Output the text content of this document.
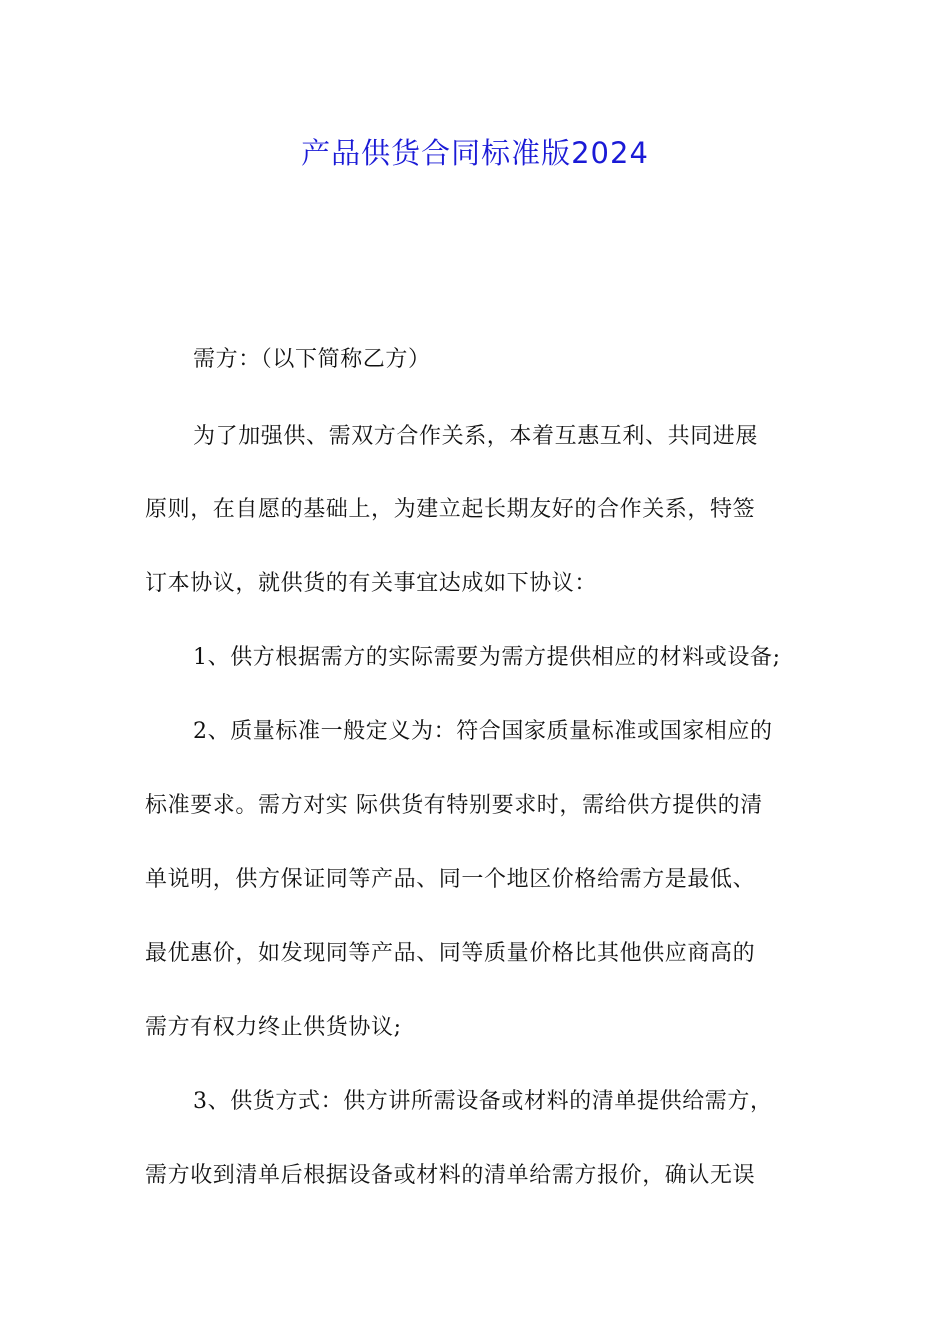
产品供货合同标准版2024
需方：（以下简称乙方）
为了加强供、需双方合作关系，本着互惠互利、共同进展
原则，在自愿的基础上，为建立起长期友好的合作关系，特签
订本协议，就供货的有关事宜达成如下协议：
1、供方根据需方的实际需要为需方提供相应的材料或设备;
2、质量标准一般定义为：符合国家质量标准或国家相应的
标准要求。需方对实 际供货有特别要求时，需给供方提供的清
单说明，供方保证同等产品、同一个地区价格给需方是最低、
最优惠价，如发现同等产品、同等质量价格比其他供应商高的
需方有权力终止供货协议;
3、供货方式：供方讲所需设备或材料的清单提供给需方，
需方收到清单后根据设备或材料的清单给需方报价，确认无误
